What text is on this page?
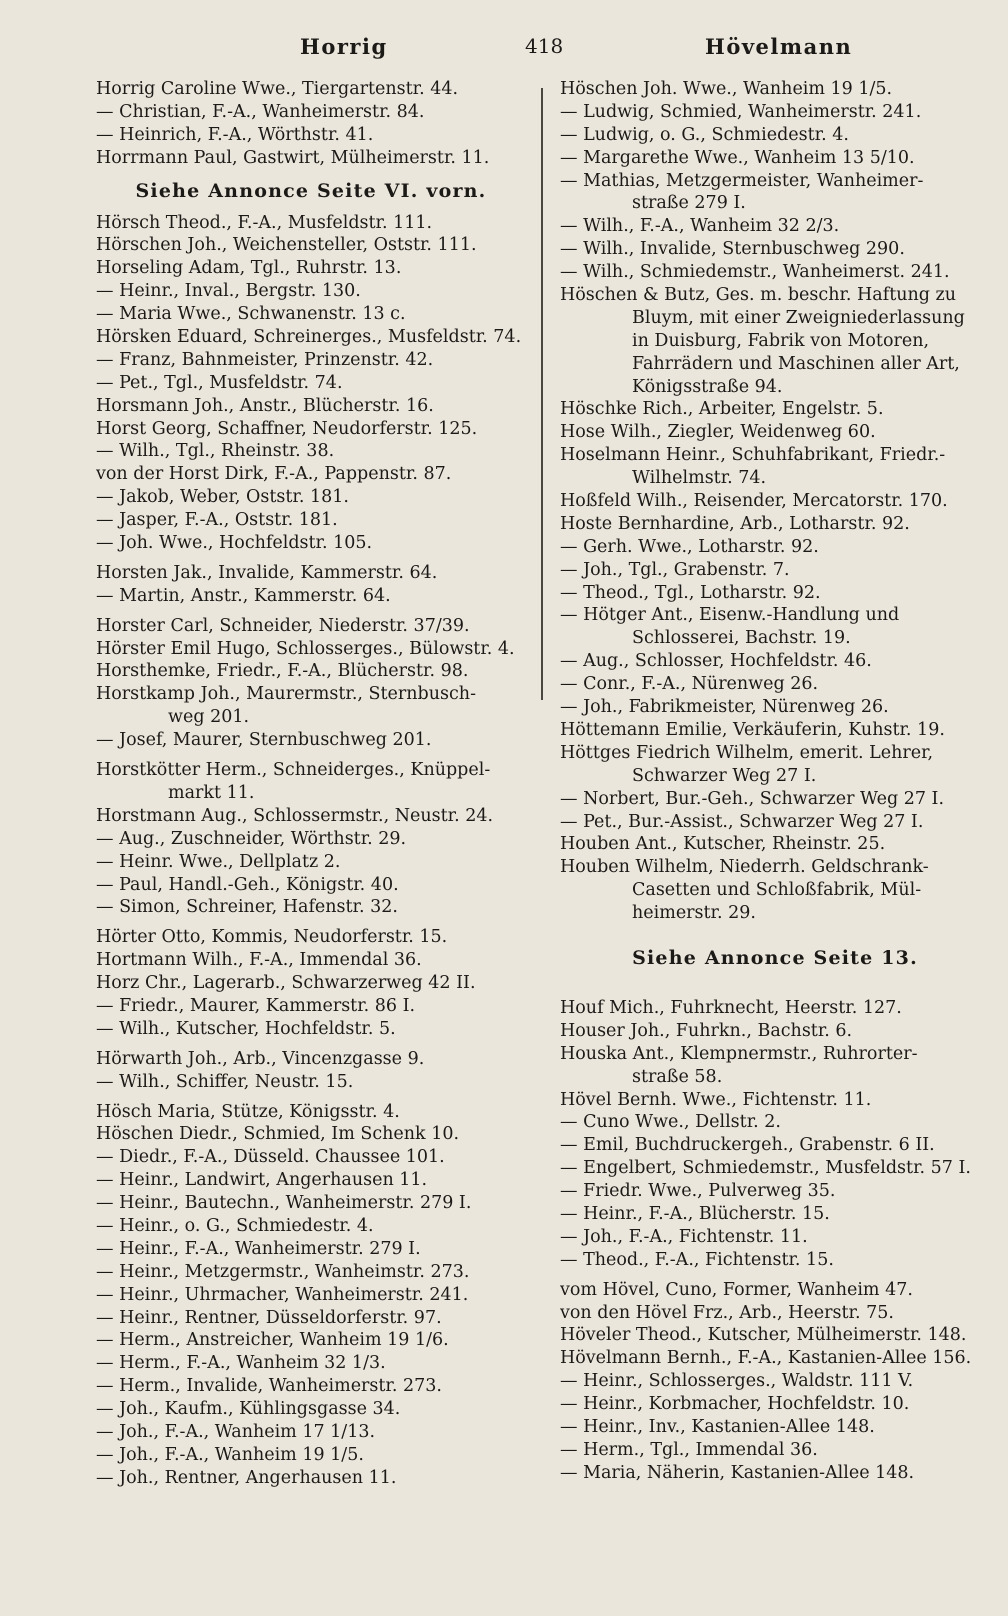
Horrig	418	Hövelmann
Horrig Caroline Wwe., Tiergartenstr. 44.
— Christian, F.-A., Wanheimerstr. 84.
— Heinrich, F.-A., Wörthstr. 41.
Horrmann Paul, Gastwirt, Mülheimerstr. 11.
Siehe Annonce Seite VI. vorn.
Hörsch Theod., F.-A., Musfeldstr. 111.
Hörschen Joh., Weichensteller, Oststr. 111.
Horseling Adam, Tgl., Ruhrstr. 13.
— Heinr., Inval., Bergstr. 130.
— Maria Wwe., Schwanenstr. 13 c.
Hörsken Eduard, Schreinerges., Musfeldstr. 74.
— Franz, Bahnmeister, Prinzenstr. 42.
— Pet., Tgl., Musfeldstr. 74.
Horsmann Joh., Anstr., Blücherstr. 16.
Horst Georg, Schaffner, Neudorferstr. 125.
— Wilh., Tgl., Rheinstr. 38.
von der Horst Dirk, F.-A., Pappenstr. 87.
— Jakob, Weber, Oststr. 181.
— Jasper, F.-A., Oststr. 181.
— Joh. Wwe., Hochfeldstr. 105.
Horsten Jak., Invalide, Kammerstr. 64.
— Martin, Anstr., Kammerstr. 64.
Horster Carl, Schneider, Niederstr. 37/39.
Hörster Emil Hugo, Schlosserges., Bülowstr. 4.
Horsthemke, Friedr., F.-A., Blücherstr. 98.
Horstkamp Joh., Maurermstr., Sternbusch-
weg 201.
— Josef, Maurer, Sternbuschweg 201.
Horstkötter Herm., Schneiderges., Knüppel-
markt 11.
Horstmann Aug., Schlossermstr., Neustr. 24.
— Aug., Zuschneider, Wörthstr. 29.
— Heinr. Wwe., Dellplatz 2.
— Paul, Handl.-Geh., Königstr. 40.
— Simon, Schreiner, Hafenstr. 32.
Hörter Otto, Kommis, Neudorferstr. 15.
Hortmann Wilh., F.-A., Immendal 36.
Horz Chr., Lagerarb., Schwarzerweg 42 II.
— Friedr., Maurer, Kammerstr. 86 I.
— Wilh., Kutscher, Hochfeldstr. 5.
Hörwarth Joh., Arb., Vincenzgasse 9.
— Wilh., Schiffer, Neustr. 15.
Hösch Maria, Stütze, Königsstr. 4.
Höschen Diedr., Schmied, Im Schenk 10.
— Diedr., F.-A., Düsseld. Chaussee 101.
— Heinr., Landwirt, Angerhausen 11.
— Heinr., Bautechn., Wanheimerstr. 279 I.
— Heinr., o. G., Schmiedestr. 4.
— Heinr., F.-A., Wanheimerstr. 279 I.
— Heinr., Metzgermstr., Wanheimstr. 273.
— Heinr., Uhrmacher, Wanheimerstr. 241.
— Heinr., Rentner, Düsseldorferstr. 97.
— Herm., Anstreicher, Wanheim 19 1/6.
— Herm., F.-A., Wanheim 32 1/3.
— Herm., Invalide, Wanheimerstr. 273.
— Joh., Kaufm., Kühlingsgasse 34.
— Joh., F.-A., Wanheim 17 1/13.
— Joh., F.-A., Wanheim 19 1/5.
— Joh., Rentner, Angerhausen 11.
Höschen Joh. Wwe., Wanheim 19 1/5.
— Ludwig, Schmied, Wanheimerstr. 241.
— Ludwig, o. G., Schmiedestr. 4.
— Margarethe Wwe., Wanheim 13 5/10.
— Mathias, Metzgermeister, Wanheimer-
straße 279 I.
— Wilh., F.-A., Wanheim 32 2/3.
— Wilh., Invalide, Sternbuschweg 290.
— Wilh., Schmiedemstr., Wanheimerst. 241.
Höschen & Butz, Ges. m. beschr. Haftung zu
Bluym, mit einer Zweigniederlassung
in Duisburg, Fabrik von Motoren,
Fahrrädern und Maschinen aller Art,
Königsstraße 94.
Höschke Rich., Arbeiter, Engelstr. 5.
Hose Wilh., Ziegler, Weidenweg 60.
Hoselmann Heinr., Schuhfabrikant, Friedr.-
Wilhelmstr. 74.
Hoßfeld Wilh., Reisender, Mercatorstr. 170.
Hoste Bernhardine, Arb., Lotharstr. 92.
— Gerh. Wwe., Lotharstr. 92.
— Joh., Tgl., Grabenstr. 7.
— Theod., Tgl., Lotharstr. 92.
— Hötger Ant., Eisenw.-Handlung und
Schlosserei, Bachstr. 19.
— Aug., Schlosser, Hochfeldstr. 46.
— Conr., F.-A., Nürenweg 26.
— Joh., Fabrikmeister, Nürenweg 26.
Höttemann Emilie, Verkäuferin, Kuhstr. 19.
Höttges Fiedrich Wilhelm, emerit. Lehrer,
Schwarzer Weg 27 I.
— Norbert, Bur.-Geh., Schwarzer Weg 27 I.
— Pet., Bur.-Assist., Schwarzer Weg 27 I.
Houben Ant., Kutscher, Rheinstr. 25.
Houben Wilhelm, Niederrh. Geldschrank-
Casetten und Schloßfabrik, Mül-
heimerstr. 29.
Siehe Annonce Seite 13.
Houf Mich., Fuhrknecht, Heerstr. 127.
Houser Joh., Fuhrkn., Bachstr. 6.
Houska Ant., Klempnermstr., Ruhrorter-
straße 58.
Hövel Bernh. Wwe., Fichtenstr. 11.
— Cuno Wwe., Dellstr. 2.
— Emil, Buchdruckergeh., Grabenstr. 6 II.
— Engelbert, Schmiedemstr., Musfeldstr. 57 I.
— Friedr. Wwe., Pulverweg 35.
— Heinr., F.-A., Blücherstr. 15.
— Joh., F.-A., Fichtenstr. 11.
— Theod., F.-A., Fichtenstr. 15.
vom Hövel, Cuno, Former, Wanheim 47.
von den Hövel Frz., Arb., Heerstr. 75.
Höveler Theod., Kutscher, Mülheimerstr. 148.
Hövelmann Bernh., F.-A., Kastanien-Allee 156.
— Heinr., Schlosserges., Waldstr. 111 V.
— Heinr., Korbmacher, Hochfeldstr. 10.
— Heinr., Inv., Kastanien-Allee 148.
— Herm., Tgl., Immendal 36.
— Maria, Näherin, Kastanien-Allee 148.
